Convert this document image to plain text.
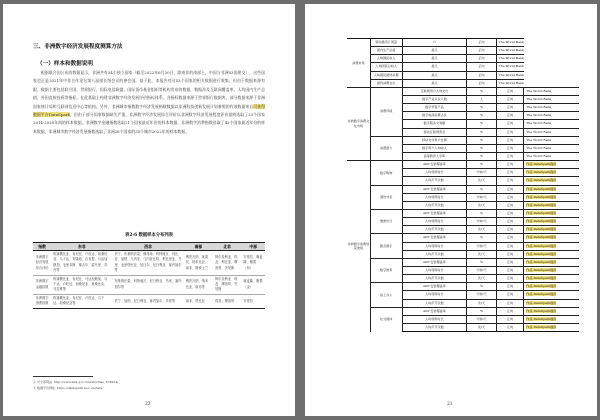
三、非洲数字经济发展程度测算方法
（一）样本和数据说明
根据联合国公布的数据显示，非洲共有54个独立国家（截至2022年6月30日，除南非的南部士，中国与非洲53国建交），这些国家也正是2021年中非合作论坛第八届部长级会议的参会国。基于此，本报告对这53个国家的相关数据进行收集，但由于数据来源有限，数据主要包括联合国、世界银行、国际电信联盟、国际货币基金组织等机构发布的数据，数据涉及互联网覆盖率、人均国内生产总值、外国直接投资等指标。在此基础上构建非洲数字经济发展评价指标体系，各指标数据来源于世界银行数据库，部分数据来源于非洲国家统计局和互联网信息中心等机构。另外，非洲城市指数数字经济发展指数数据以非洲科技创新发展计划参照的有效数据来自可获得数据平台DataSpark，但由于部分国家数据缺失严重，非洲数字经济发展综合评价以非洲数字经济发展程度评价最终选取了33个国家2014-2020年间的样本数据，非洲数字金融指数选取21个国家最近年份的样本数据，非洲数字消费指数选取了42个国家最近年份的样本数据，非洲城市数字经济发展指数选取了非洲26个国家的35个城市2022年的样本数据。
表2-6 数据样本分布列表
指数	东非	西非	南部	北非	中部
非洲数字经济发展综合评价	埃塞俄比亚、肯尼亚、卢旺达、坦桑尼亚、乌干达、布隆迪、吉布提、马达加斯加、毛里求斯、塞舌尔、索马里、苏丹等	贝宁、布基纳法索、佛得角、科特迪瓦、冈比亚、加纳、几内亚、几内亚比绍、利比里亚、马里、毛里塔尼亚、尼日尔、尼日利亚、塞内加尔等	博茨瓦纳、莱索托、纳米比亚、南非、斯威士兰	阿尔及利亚、埃及、利比亚、摩洛哥、突尼斯	安哥拉、喀麦隆、刚果（布）
非洲数字金融指数	埃塞俄比亚、肯尼亚、马达加斯加、乌干达、卢旺达、坦桑尼亚、莫桑比克、马拉维等	布基纳法索、科特迪瓦、尼日利亚、马里、塞内加尔等	博茨瓦纳、纳米比亚、南非等	阿尔及利亚、埃及、摩洛哥、突尼斯	喀麦隆、刚果（金）
非洲数字消费指数	埃塞俄比亚、肯尼亚、卢旺达、乌干达、坦桑尼亚等	贝宁、加纳、尼日利亚、塞内加尔、多哥等	南非、赞比亚	埃及、摩洛哥	安哥拉
① 外交部网站: http://www.mfa.gov.cn/web/ziliao_674904/
② 数据平台网址: https://dataspark.sioc.cn/data
23
消费市场	移动通讯订阅量	户	正向	The World Bank	
	国内生产总值	美元	正向	The World Bank	
	人均国民收入	美元	正向	The World Bank	
	人均国民总收入	美元	正向	The World Bank	
	人均国民最终消费	美元	正向	The World Bank	
	最终消费支出	美元	正向	The World Bank	
非洲数字消费文化市场	消费环境	互联网用户人均支出	%	正向	The World Bank
		数字产业从业人数	人	正向	The World Bank
		数字零售产品	%	正向	The World Bank
		数字电商消费占比	%	正向	The World Bank
		数字服务交易额	%	正向	The World Bank
		移动互联网普及	%	正向	The World Bank
	消费潜力	移动支付用户比例	%	正向	The World Bank
		数字用户人均收入	%	正向	The World Bank
		高等教育人学率	%	正向	The World Bank
非洲数字消费场景类别	数字购物	APP 安装覆盖率	%	正向	作品 DataSpark提供
		人均使用时长	分钟/天	正向	作品 DataSpark提供
		人均打开次数	次/天	正向	作品 DataSpark提供
	餐饮外卖	APP 安装覆盖率	%	正向	作品 DataSpark提供
		人均使用时长	分钟/天	正向	作品 DataSpark提供
		人均打开次数	次/天	正向	作品 DataSpark提供
	旅游出行	APP 安装覆盖率	%	正向	作品 DataSpark提供
		人均使用时长	分钟/天	正向	作品 DataSpark提供
		人均打开次数	次/天	正向	作品 DataSpark提供
	影音娱乐	APP 安装覆盖率	%	正向	作品 DataSpark提供
		人均使用时长	分钟/天	正向	作品 DataSpark提供
		人均打开次数	次/天	正向	作品 DataSpark提供
	数字教育	APP 安装覆盖率	%	正向	作品 DataSpark提供
		人均使用时长	分钟/天	正向	作品 DataSpark提供
		人均打开次数	次/天	正向	作品 DataSpark提供
	线上办公	APP 安装覆盖率	%	正向	作品 DataSpark提供
		人均使用时长	分钟/天	正向	作品 DataSpark提供
		人均打开次数	次/天	正向	作品 DataSpark提供
	社交媒体	APP 安装覆盖率	%	正向	作品 DataSpark提供
		人均使用时长	分钟/天	正向	作品 DataSpark提供
		人均打开次数	次/天	正向	作品 DataSpark提供
21
